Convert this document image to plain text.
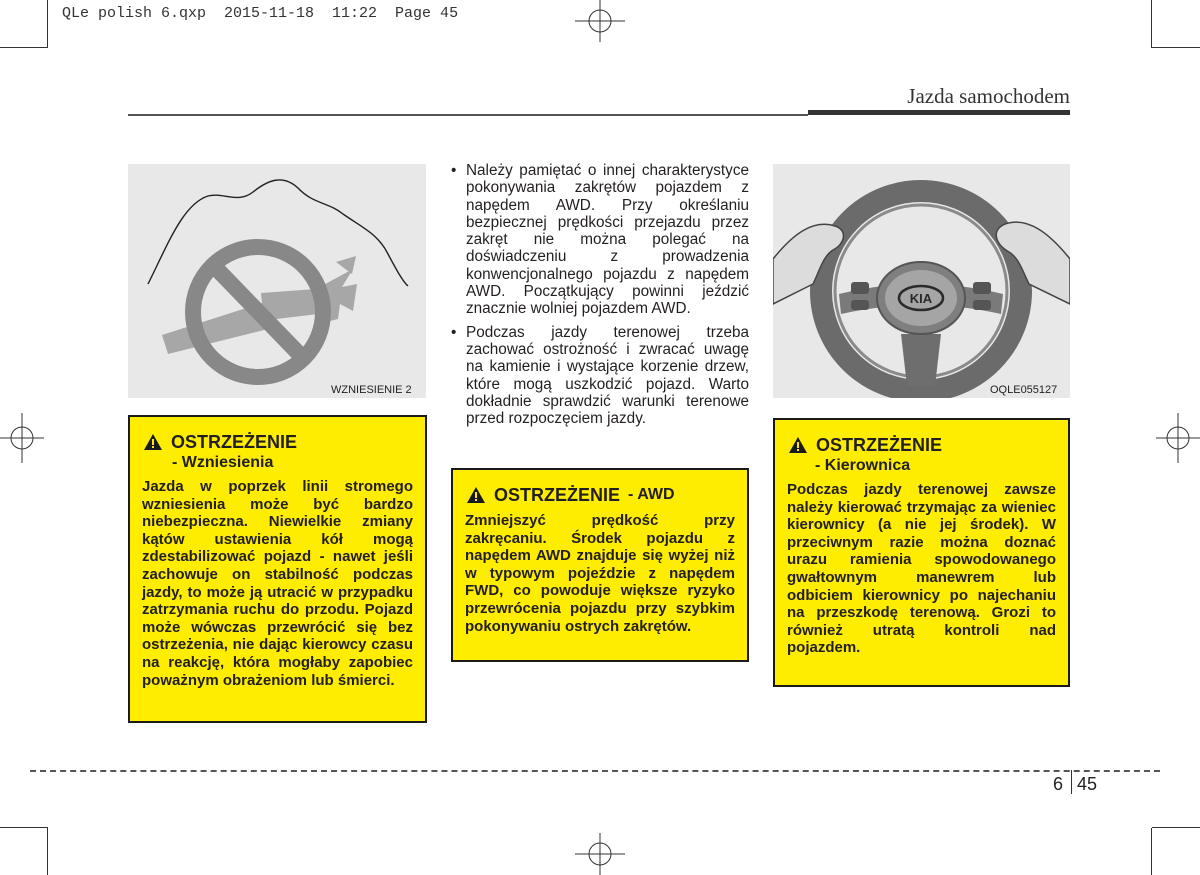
QLe polish 6.qxp  2015-11-18  11:22  Page 45
Jazda samochodem
WZNIESIENIE 2
OSTRZEŻENIE
- Wzniesienia
Jazda w poprzek linii stromego wzniesienia może być bardzo niebezpieczna. Niewielkie zmiany kątów ustawienia kół mogą zdestabilizować pojazd - nawet jeśli zachowuje on stabilność podczas jazdy, to może ją utracić w przypadku zatrzymania ruchu do przodu. Pojazd może wówczas przewrócić się bez ostrzeżenia, nie dając kierowcy czasu na reakcję, która mogłaby zapobiec poważnym obrażeniom lub śmierci.
• Należy pamiętać o innej charakterystyce pokonywania zakrętów pojazdem z napędem AWD. Przy określaniu bezpiecznej prędkości przejazdu przez zakręt nie można polegać na doświadczeniu z prowadzenia konwencjonalnego pojazdu z napędem AWD. Początkujący powinni jeździć znacznie wolniej pojazdem AWD.
• Podczas jazdy terenowej trzeba zachować ostrożność i zwracać uwagę na kamienie i wystające korzenie drzew, które mogą uszkodzić pojazd. Warto dokładnie sprawdzić warunki terenowe przed rozpoczęciem jazdy.
OSTRZEŻENIE - AWD
Zmniejszyć prędkość przy zakręcaniu. Środek pojazdu z napędem AWD znajduje się wyżej niż w typowym pojeździe z napędem FWD, co powoduje większe ryzyko przewrócenia pojazdu przy szybkim pokonywaniu ostrych zakrętów.
KIA
OQLE055127
OSTRZEŻENIE
- Kierownica
Podczas jazdy terenowej zawsze należy kierować trzymając za wieniec kierownicy (a nie jej środek). W przeciwnym razie można doznać urazu ramienia spowodowanego gwałtownym manewrem lub odbiciem kierownicy po najechaniu na przeszkodę terenową. Grozi to również utratą kontroli nad pojazdem.
6 45
